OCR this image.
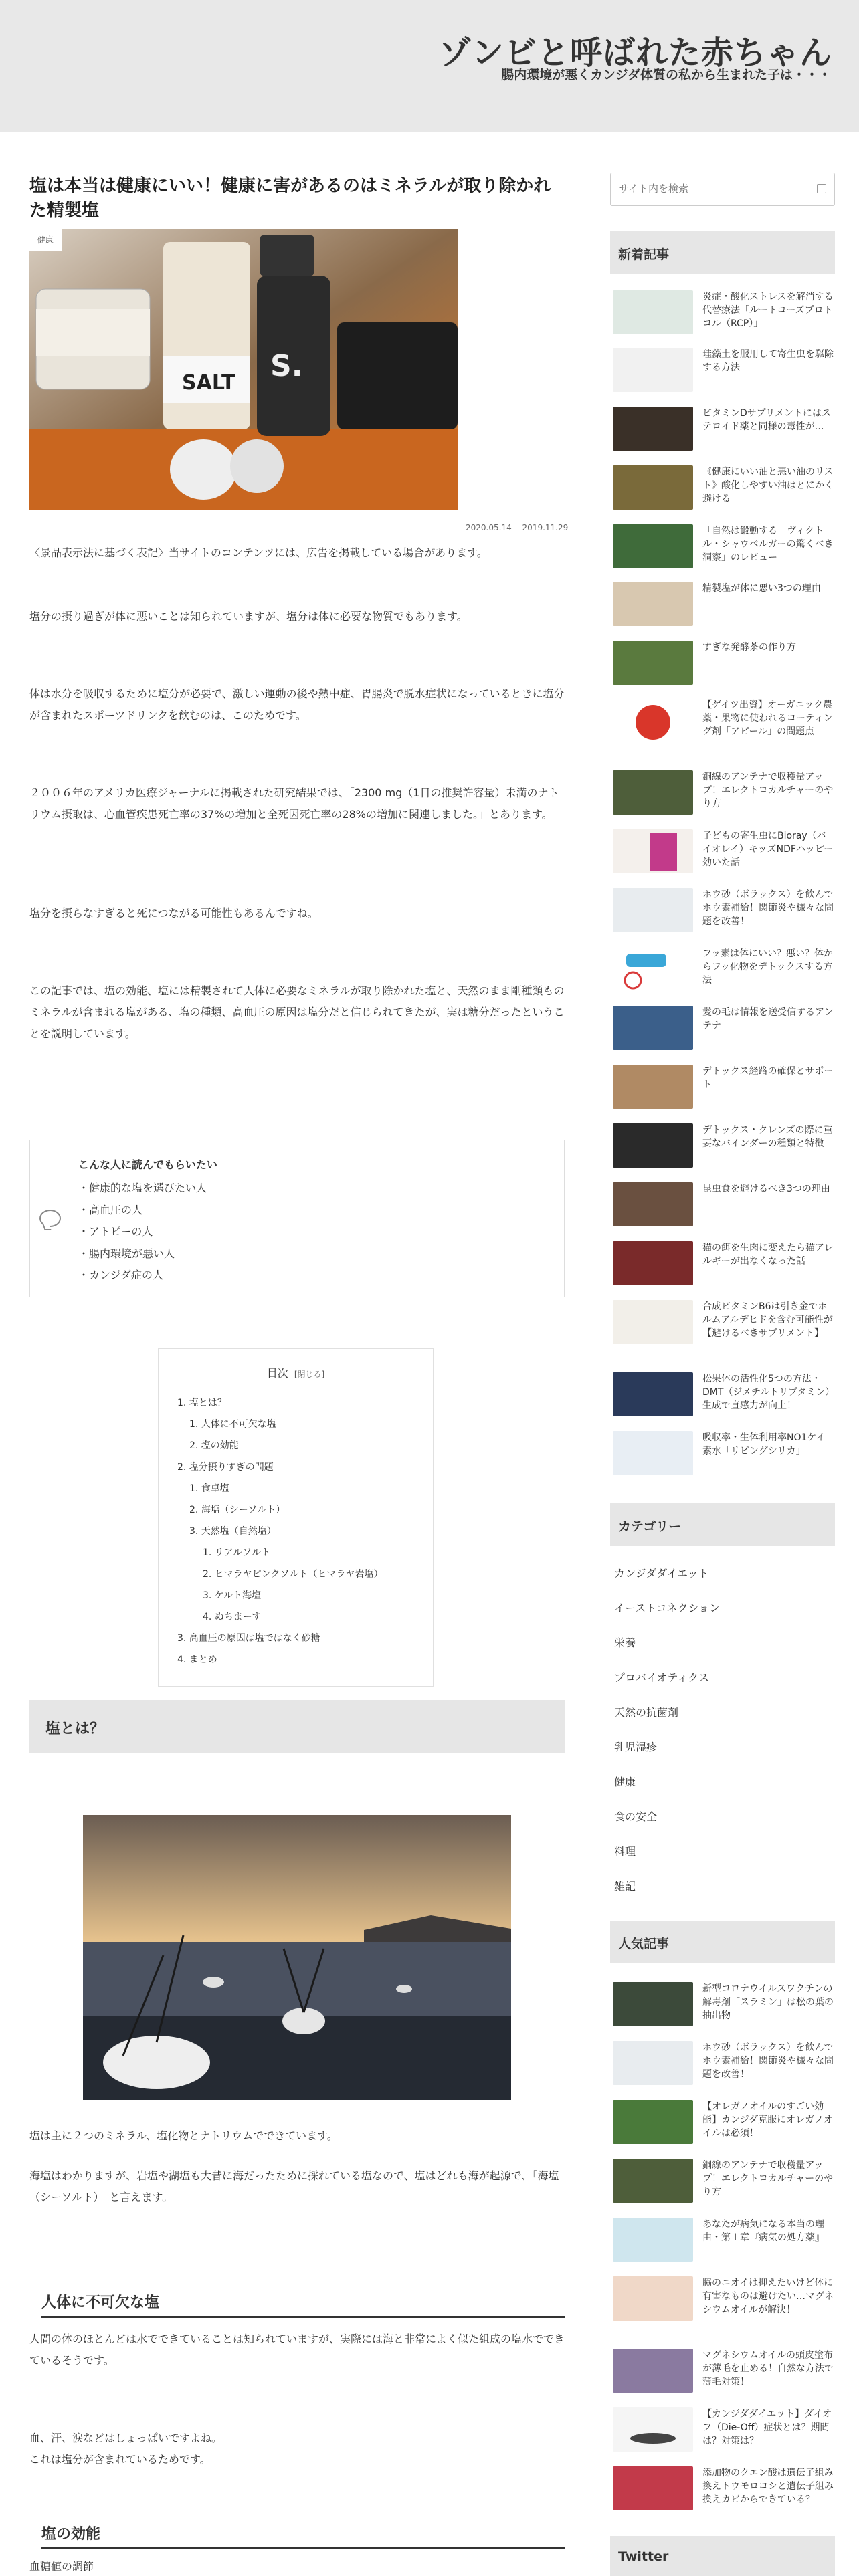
ゾンビと呼ばれた赤ちゃん
腸内環境が悪くカンジダ体質の私から生まれた子は・・・
塩は本当は健康にいい！健康に害があるのはミネラルが取り除かれた精製塩
SALT S.
健康
2020.05.14 2019.11.29

〈景品表示法に基づく表記〉当サイトのコンテンツには、広告を掲載している場合があります。

塩分の摂り過ぎが体に悪いことは知られていますが、塩分は体に必要な物質でもあります。

体は水分を吸収するために塩分が必要で、激しい運動の後や熱中症、胃腸炎で脱水症状になっているときに塩分が含まれたスポーツドリンクを飲むのは、このためです。

２００６年のアメリカ医療ジャーナルに掲載された研究結果では、「2300 mg（1日の推奨許容量）未満のナトリウム摂取は、心血管疾患死亡率の37%の増加と全死因死亡率の28%の増加に関連しました。」とあります。

塩分を摂らなすぎると死につながる可能性もあるんですね。

この記事では、塩の効能、塩には精製されて人体に必要なミネラルが取り除かれた塩と、天然のまま剛種類ものミネラルが含まれる塩がある、塩の種類、高血圧の原因は塩分だと信じられてきたが、実は糖分だったということを説明しています。

こんな人に読んでもらいたい
・健康的な塩を選びたい人
・高血圧の人
・アトピーの人
・腸内環境が悪い人
・カンジダ症の人
目次 [閉じる]
1. 塩とは？
1. 人体に不可欠な塩
2. 塩の効能
2. 塩分摂りすぎの問題
1. 食卓塩
2. 海塩（シーソルト）
3. 天然塩（自然塩）
1. リアルソルト
2. ヒマラヤピンクソルト（ヒマラヤ岩塩）
3. ケルト海塩
4. ぬちまーす
3. 高血圧の原因は塩ではなく砂糖
4. まとめ
塩とは？

塩は主に２つのミネラル、塩化物とナトリウムでできています。

海塩はわかりますが、岩塩や湖塩も大昔に海だったために採れている塩なので、塩はどれも海が起源で、「海塩（シーソルト）」と言えます。

人体に不可欠な塩

人間の体のほとんどは水でできていることは知られていますが、実際には海と非常によく似た組成の塩水でできているそうです。

血、汗、涙などはしょっぱいですよね。

これは塩分が含まれているためです。

塩の効能

血糖値の調節

サイト内を検索
新着記事
炎症・酸化ストレスを解消する代替療法「ルートコーズプロトコル（RCP）」
珪藻土を服用して寄生虫を駆除する方法
ビタミンDサプリメントにはステロイド薬と同様の毒性が…
《健康にいい油と悪い油のリスト》酸化しやすい油はとにかく避ける
「自然は鍛動する－ヴィクトル・シャウベルガーの驚くべき洞察」のレビュー
精製塩が体に悪い3つの理由
すぎな発酵茶の作り方
【ゲイツ出資】オーガニック農薬・果物に使われるコーティング剤「アピール」の問題点
銅線のアンテナで収穫量アップ！エレクトロカルチャーのやり方
子どもの寄生虫にBioray（バイオレイ）キッズNDFハッピー効いた話
ホウ砂（ボラックス）を飲んでホウ素補給！関節炎や様々な問題を改善！
フッ素は体にいい？悪い？体からフッ化物をデトックスする方法
髪の毛は情報を送受信するアンテナ
デトックス経路の確保とサポート
デトックス・クレンズの際に重要なバインダーの種類と特徴
昆虫食を避けるべき3つの理由
猫の餌を生肉に変えたら猫アレルギーが出なくなった話
合成ビタミンB6は引き金でホルムアルデヒドを含む可能性が【避けるべきサプリメント】
松果体の活性化5つの方法・DMT（ジメチルトリプタミン）生成で直感力が向上！
吸収率・生体利用率NO1ケイ素水「リビングシリカ」
カテゴリー
カンジダダイエット
イーストコネクション
栄養
プロバイオティクス
天然の抗菌剤
乳児湿疹
健康
食の安全
料理
雑記
人気記事
新型コロナウイルスワクチンの解毒剤「スラミン」は松の葉の抽出物
ホウ砂（ボラックス）を飲んでホウ素補給！関節炎や様々な問題を改善！
【オレガノオイルのすごい効能】カンジダ克服にオレガノオイルは必須！
銅線のアンテナで収穫量アップ！エレクトロカルチャーのやり方
あなたが病気になる本当の理由・第１章『病気の処方薬』
脇のニオイは抑えたいけど体に有害なものは避けたい…マグネシウムオイルが解決！
マグネシウムオイルの頭皮塗布が薄毛を止める！自然な方法で薄毛対策！
【カンジダダイエット】ダイオフ（Die-Off）症状とは？期間は？対策は？
添加物のクエン酸は遺伝子組み換えトウモロコシと遺伝子組み換えカビからできている？
Twitter
